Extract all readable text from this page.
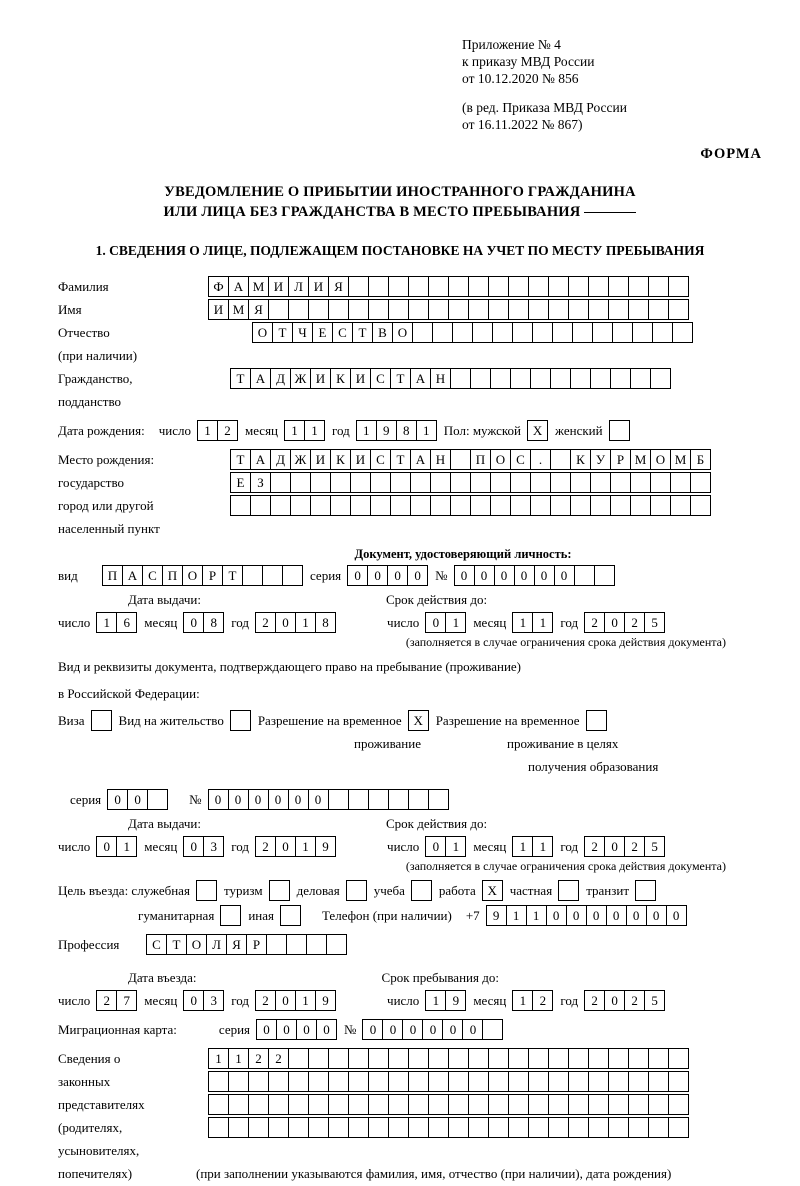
Приложение № 4
к приказу МВД России
от 10.12.2020 № 856
(в ред. Приказа МВД России
от 16.11.2022 № 867)
ФОРМА
УВЕДОМЛЕНИЕ О ПРИБЫТИИ ИНОСТРАННОГО ГРАЖДАНИНА
ИЛИ ЛИЦА БЕЗ ГРАЖДАНСТВА В МЕСТО ПРЕБЫВАНИЯ
1. СВЕДЕНИЯ О ЛИЦЕ, ПОДЛЕЖАЩЕМ ПОСТАНОВКЕ НА УЧЕТ ПО МЕСТУ ПРЕБЫВАНИЯ
Фамилия	Ф А М И Л И Я
Имя	И М Я
Отчество	О Т Ч Е С Т В О
(при наличии)
Гражданство,	Т А Д Ж И К И С Т А Н
подданство
Дата рождения: число	1	2	месяц	1	1	год	1	9	8	1	Пол: мужской X женский
Место рождения:	Т А Д Ж И К И С Т А Н	П О С	.	К У Р М О М Б
государство	Е З
город или другой
населенный пункт
Документ, удостоверяющий личность:
вид	П А С П О Р Т	серия	0	0	0	0	№	0	0	0	0	0	0
Дата выдачи:	Срок действия до:
число	1	6	месяц	0	8	год	2	0	1	8	число	0	1	месяц	1	1	год	2	0	2	5
(заполняется в случае ограничения срока действия документа)
Вид и реквизиты документа, подтверждающего право на пребывание (проживание)
в Российской Федерации:
Виза	Вид на жительство	Разрешение на временное X Разрешение на временное
проживание	проживание в целях
получения образования
серия	0	0	№	0	0	0	0	0	0
Дата выдачи:	Срок действия до:
число	0	1	месяц	0	3	год	2	0	1	9	число	0	1	месяц	1	1	год	2	0	2	5
(заполняется в случае ограничения срока действия документа)
Цель въезда: служебная	туризм	деловая	учеба	работа X частная	транзит
гуманитарная	иная	Телефон (при наличии) +7	9	1	1	0	0	0	0	0	0	0
Профессия	С Т О Л Я Р
Дата въезда:	Срок пребывания до:
число	2	7	месяц	0	3	год	2	0	1	9	число	1	9	месяц	1	2	год	2	0	2	5
Миграционная карта:	серия	0	0	0	0	№	0	0	0	0	0	0
Сведения о	1	1	2	2
законных
представителях
(родителях,
усыновителях,
попечителях)	(при заполнении указываются фамилия, имя, отчество (при наличии), дата рождения)
